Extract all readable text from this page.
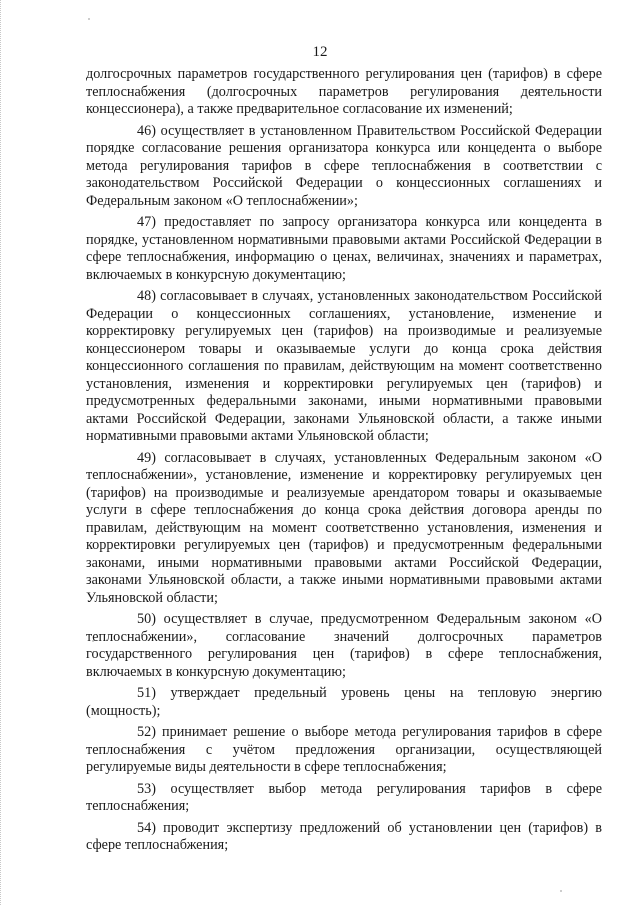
12

долгосрочных параметров государственного регулирования цен (тарифов) в сфере теплоснабжения (долгосрочных параметров регулирования деятельности концессионера), а также предварительное согласование их изменений;

46) осуществляет в установленном Правительством Российской Федерации порядке согласование решения организатора конкурса или концедента о выборе метода регулирования тарифов в сфере теплоснабжения в соответствии с законодательством Российской Федерации о концессионных соглашениях и Федеральным законом «О теплоснабжении»;

47) предоставляет по запросу организатора конкурса или концедента в порядке, установленном нормативными правовыми актами Российской Федерации в сфере теплоснабжения, информацию о ценах, величинах, значениях и параметрах, включаемых в конкурсную документацию;

48) согласовывает в случаях, установленных законодательством Российской Федерации о концессионных соглашениях, установление, изменение и корректировку регулируемых цен (тарифов) на производимые и реализуемые концессионером товары и оказываемые услуги до конца срока действия концессионного соглашения по правилам, действующим на момент соответственно установления, изменения и корректировки регулируемых цен (тарифов) и предусмотренных федеральными законами, иными нормативными правовыми актами Российской Федерации, законами Ульяновской области, а также иными нормативными правовыми актами Ульяновской области;

49) согласовывает в случаях, установленных Федеральным законом «О теплоснабжении», установление, изменение и корректировку регулируемых цен (тарифов) на производимые и реализуемые арендатором товары и оказываемые услуги в сфере теплоснабжения до конца срока действия договора аренды по правилам, действующим на момент соответственно установления, изменения и корректировки регулируемых цен (тарифов) и предусмотренным федеральными законами, иными нормативными правовыми актами Российской Федерации, законами Ульяновской области, а также иными нормативными правовыми актами Ульяновской области;

50) осуществляет в случае, предусмотренном Федеральным законом «О теплоснабжении», согласование значений долгосрочных параметров государственного регулирования цен (тарифов) в сфере теплоснабжения, включаемых в конкурсную документацию;

51) утверждает предельный уровень цены на тепловую энергию (мощность);

52) принимает решение о выборе метода регулирования тарифов в сфере теплоснабжения с учётом предложения организации, осуществляющей регулируемые виды деятельности в сфере теплоснабжения;

53) осуществляет выбор метода регулирования тарифов в сфере теплоснабжения;

54) проводит экспертизу предложений об установлении цен (тарифов) в сфере теплоснабжения;
